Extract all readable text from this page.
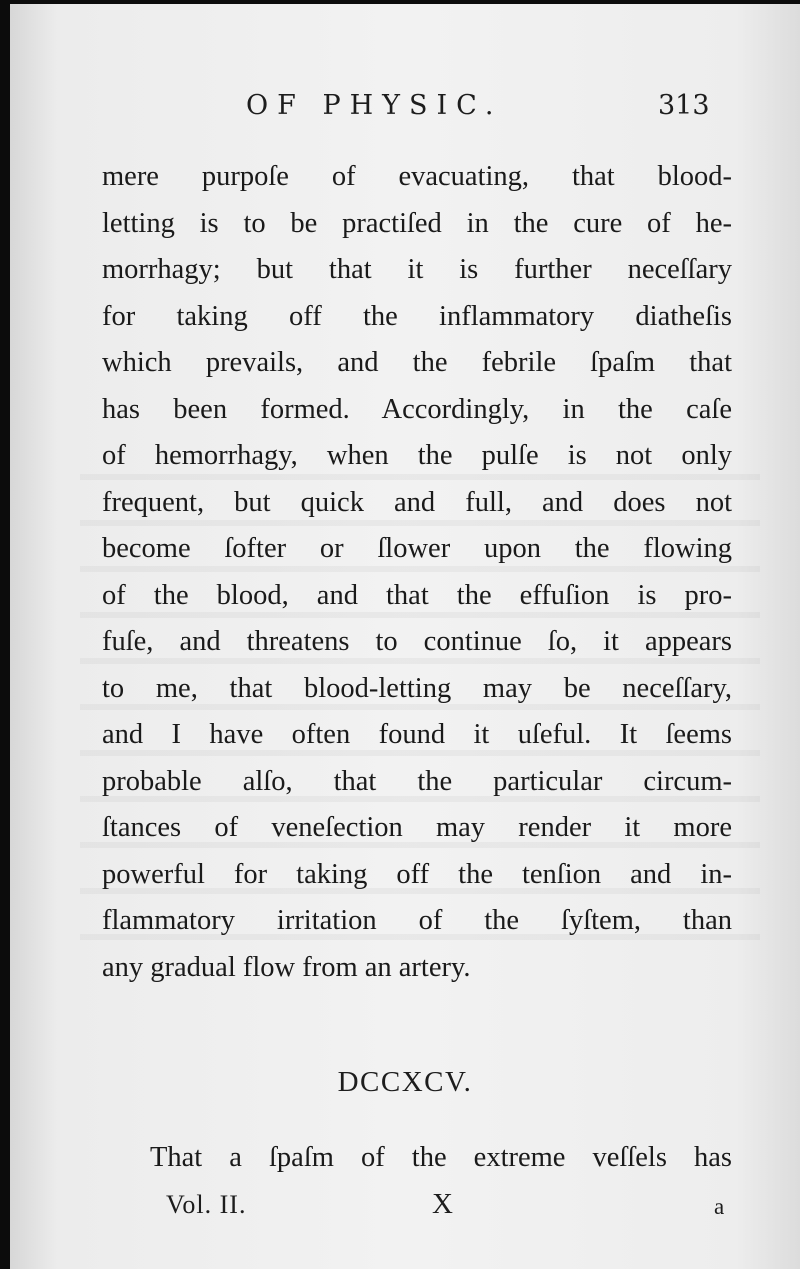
OF PHYSIC.	313
mere purpoſe of evacuating, that blood-
letting is to be practiſed in the cure of he-
morrhagy; but that it is further neceſſary
for taking off the inflammatory diatheſis
which prevails, and the febrile ſpaſm that
has been formed. Accordingly, in the caſe
of hemorrhagy, when the pulſe is not only
frequent, but quick and full, and does not
become ſofter or ſlower upon the flowing
of the blood, and that the effuſion is pro-
fuſe, and threatens to continue ſo, it appears
to me, that blood-letting may be neceſſary,
and I have often found it uſeful. It ſeems
probable alſo, that the particular circum-
ſtances of veneſection may render it more
powerful for taking off the tenſion and in-
flammatory irritation of the ſyſtem, than
any gradual flow from an artery.
DCCXCV.
That a ſpaſm of the extreme veſſels has
Vol. II.	X	a
